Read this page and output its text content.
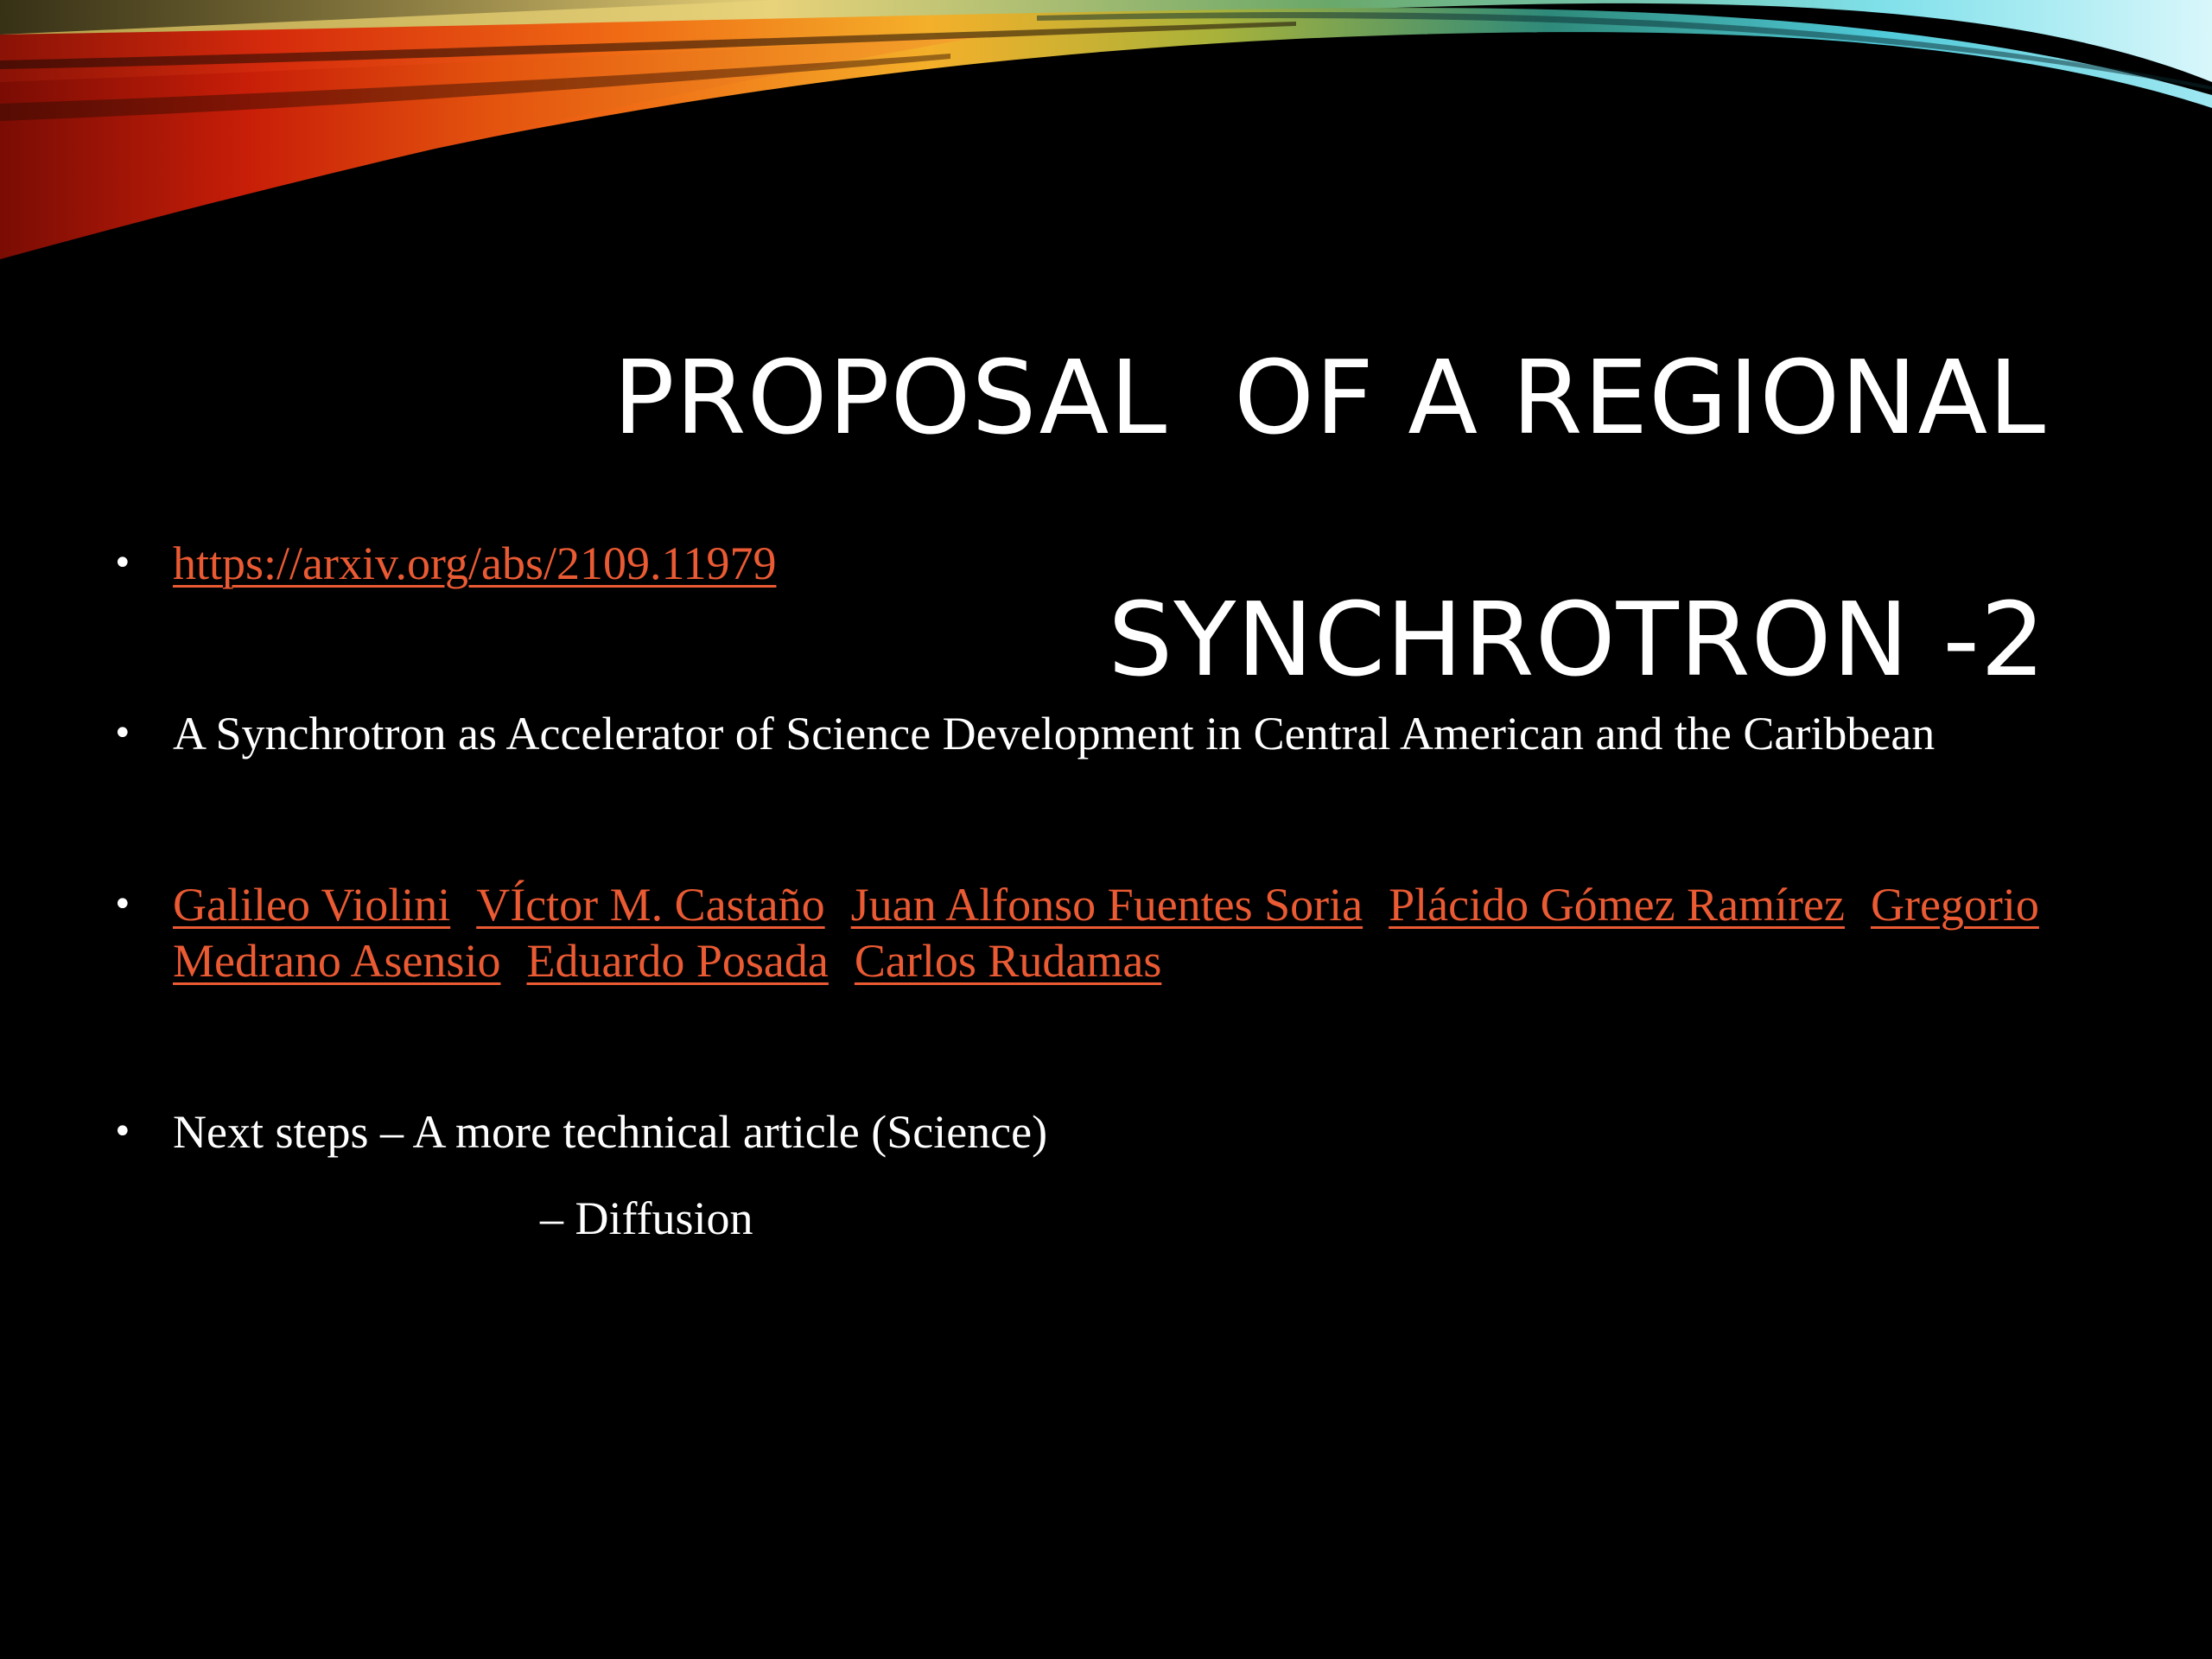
PROPOSAL  OF A REGIONAL

SYNCHROTRON -2

• https://arxiv.org/abs/2109.11979
• A Synchrotron as Accelerator of Science Development in Central American and the Caribbean
• Galileo Violini VÍctor M. Castaño Juan Alfonso Fuentes Soria Plácido Gómez Ramírez Gregorio Medrano Asensio Eduardo Posada Carlos Rudamas
• Next steps – A more technical article (Science)
– Diffusion
